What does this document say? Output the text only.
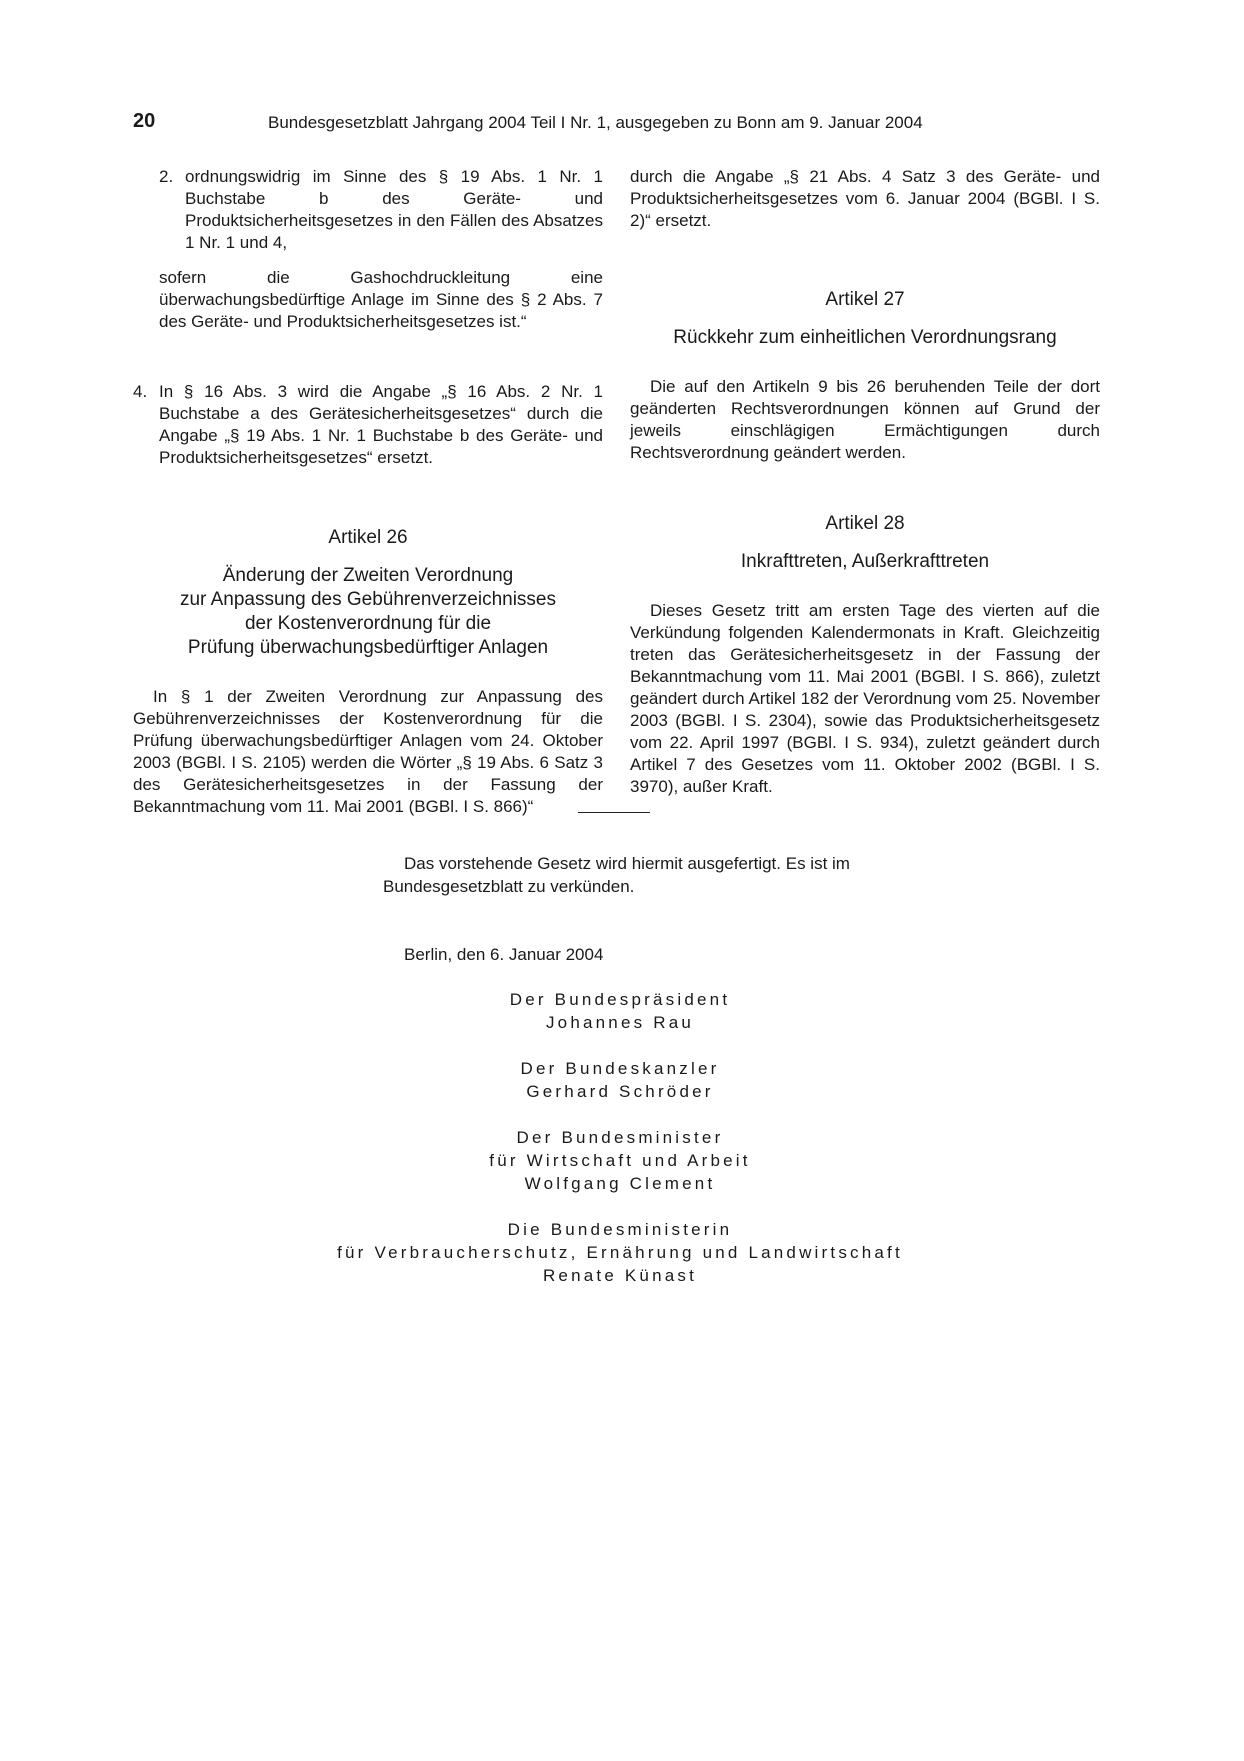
20	Bundesgesetzblatt Jahrgang 2004 Teil I Nr. 1, ausgegeben zu Bonn am 9. Januar 2004
2. ordnungswidrig im Sinne des § 19 Abs. 1 Nr. 1 Buchstabe b des Geräte- und Produktsicherheitsgesetzes in den Fällen des Absatzes 1 Nr. 1 und 4,

sofern die Gashochdruckleitung eine überwachungsbedürftige Anlage im Sinne des § 2 Abs. 7 des Geräte- und Produktsicherheitsgesetzes ist.“

4. In § 16 Abs. 3 wird die Angabe „§ 16 Abs. 2 Nr. 1 Buchstabe a des Gerätesicherheitsgesetzes“ durch die Angabe „§ 19 Abs. 1 Nr. 1 Buchstabe b des Geräte- und Produktsicherheitsgesetzes“ ersetzt.

Artikel 26

Änderung der Zweiten Verordnung
zur Anpassung des Gebührenverzeichnisses
der Kostenverordnung für die
Prüfung überwachungsbedürftiger Anlagen

In § 1 der Zweiten Verordnung zur Anpassung des Gebührenverzeichnisses der Kostenverordnung für die Prüfung überwachungsbedürftiger Anlagen vom 24. Oktober 2003 (BGBl. I S. 2105) werden die Wörter „§ 19 Abs. 6 Satz 3 des Gerätesicherheitsgesetzes in der Fassung der Bekanntmachung vom 11. Mai 2001 (BGBl. I S. 866)“

durch die Angabe „§ 21 Abs. 4 Satz 3 des Geräte- und Produktsicherheitsgesetzes vom 6. Januar 2004 (BGBl. I S. 2)“ ersetzt.

Artikel 27

Rückkehr zum einheitlichen Verordnungsrang

Die auf den Artikeln 9 bis 26 beruhenden Teile der dort geänderten Rechtsverordnungen können auf Grund der jeweils einschlägigen Ermächtigungen durch Rechtsverordnung geändert werden.

Artikel 28

Inkrafttreten, Außerkrafttreten

Dieses Gesetz tritt am ersten Tage des vierten auf die Verkündung folgenden Kalendermonats in Kraft. Gleichzeitig treten das Gerätesicherheitsgesetz in der Fassung der Bekanntmachung vom 11. Mai 2001 (BGBl. I S. 866), zuletzt geändert durch Artikel 182 der Verordnung vom 25. November 2003 (BGBl. I S. 2304), sowie das Produktsicherheitsgesetz vom 22. April 1997 (BGBl. I S. 934), zuletzt geändert durch Artikel 7 des Gesetzes vom 11. Oktober 2002 (BGBl. I S. 3970), außer Kraft.

Das vorstehende Gesetz wird hiermit ausgefertigt. Es ist im Bundesgesetzblatt zu verkünden.
Berlin, den 6. Januar 2004
Der Bundespräsident
Johannes Rau
Der Bundeskanzler
Gerhard Schröder
Der Bundesminister
für Wirtschaft und Arbeit
Wolfgang Clement
Die Bundesministerin
für Verbraucherschutz, Ernährung und Landwirtschaft
Renate Künast
